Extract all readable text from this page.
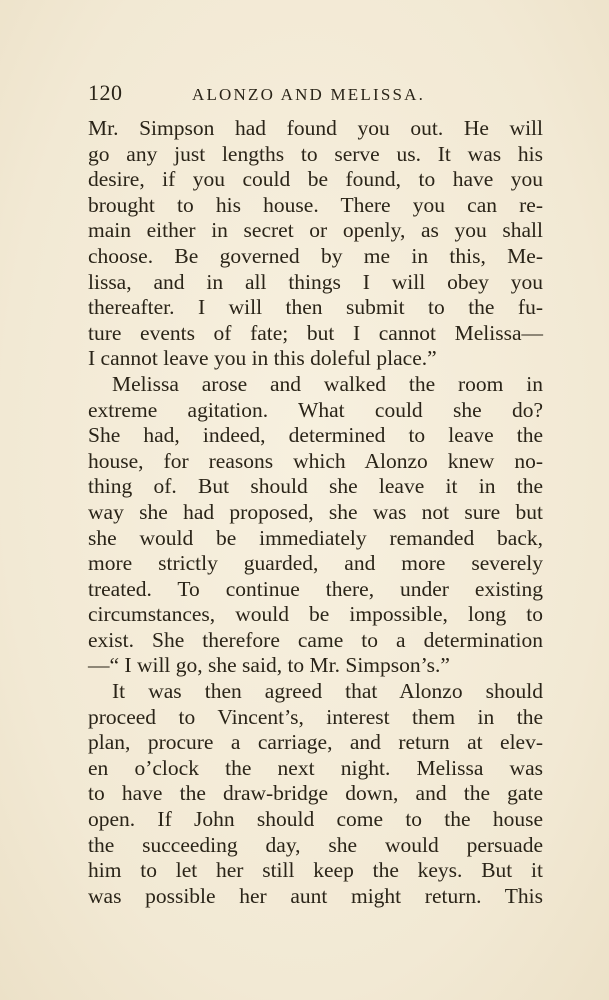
120	ALONZO AND MELISSA.
Mr. Simpson had found you out. He will
go any just lengths to serve us. It was his
desire, if you could be found, to have you
brought to his house. There you can re-
main either in secret or openly, as you shall
choose. Be governed by me in this, Me-
lissa, and in all things I will obey you
thereafter. I will then submit to the fu-
ture events of fate; but I cannot Melissa—
I cannot leave you in this doleful place.”
Melissa arose and walked the room in
extreme agitation. What could she do?
She had, indeed, determined to leave the
house, for reasons which Alonzo knew no-
thing of. But should she leave it in the
way she had proposed, she was not sure but
she would be immediately remanded back,
more strictly guarded, and more severely
treated. To continue there, under existing
circumstances, would be impossible, long to
exist. She therefore came to a determination
—“ I will go, she said, to Mr. Simpson’s.”
It was then agreed that Alonzo should
proceed to Vincent’s, interest them in the
plan, procure a carriage, and return at elev-
en o’clock the next night. Melissa was
to have the draw-bridge down, and the gate
open. If John should come to the house
the succeeding day, she would persuade
him to let her still keep the keys. But it
was possible her aunt might return. This
